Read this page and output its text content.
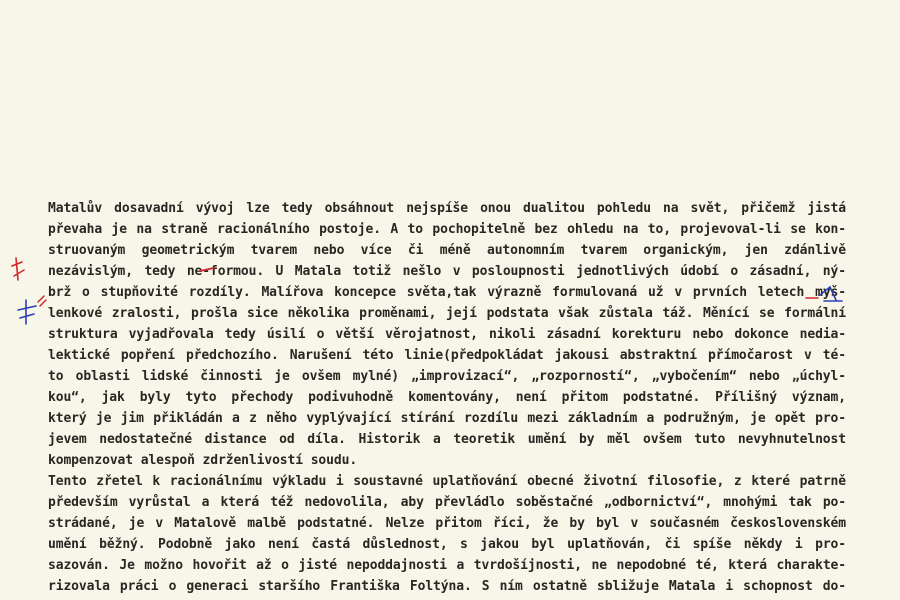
Matalův dosavadní vývoj lze tedy obsáhnout nejspíše onou dualitou pohledu na svět, přičemž jistá
převaha je na straně racionálního postoje. A to pochopitelně bez ohledu na to, projevoval-li se kon-
struovaným geometrickým tvarem nebo více či méně autonomním tvarem organickým, jen zdánlivě
nezávislým, tedy ne-formou. U Matala totiž nešlo v posloupnosti jednotlivých údobí o zásadní, ný-
brž o stupňovité rozdíly. Malířova koncepce světa,tak výrazně formulovaná už v prvních letech myš-
lenkové zralosti, prošla sice několika proměnami, její podstata však zůstala táž. Měnící se formální
struktura vyjadřovala tedy úsilí o větší věrojatnost, nikoli zásadní korekturu nebo dokonce nedia-
lektické popření předchozího. Narušení této linie(předpokládat jakousi abstraktní přímočarost v té-
to oblasti lidské činnosti je ovšem mylné) „improvizací“, „rozporností“, „vybočením“ nebo „úchyl-
kou“, jak byly tyto přechody podivuhodně komentovány, není přitom podstatné. Přílišný význam,
který je jim přikládán a z něho vyplývající stírání rozdílu mezi základním a podružným, je opět pro-
jevem nedostatečné distance od díla. Historik a teoretik umění by měl ovšem tuto nevyhnutelnost
kompenzovat alespoň zdrženlivostí soudu.
Tento zřetel k racionálnímu výkladu i soustavné uplatňování obecné životní filosofie, z které patrně
především vyrůstal a která též nedovolila, aby převládlo soběstačné „odbornictví“, mnohými tak po-
strádané, je v Matalově malbě podstatné. Nelze přitom říci, že by byl v současném československém
umění běžný. Podobně jako není častá důslednost, s jakou byl uplatňován, či spíše někdy i pro-
sazován. Je možno hovořit až o jisté nepoddajnosti a tvrdošíjnosti, ne nepodobné té, která charakte-
rizovala práci o generaci staršího Františka Foltýna. S ním ostatně sbližuje Matala i schopnost do-
